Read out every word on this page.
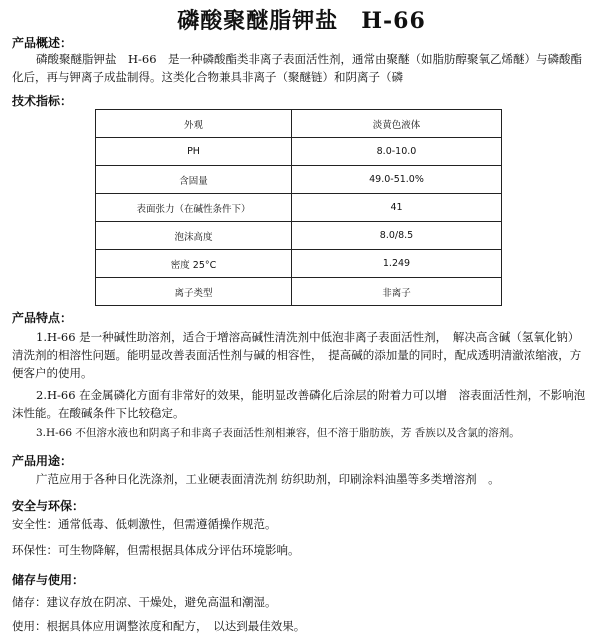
磷酸聚醚脂钾盐　H-66
产品概述：
磷酸聚醚脂钾盐　H-66　是一种磷酸酯类非离子表面活性剂，通常由聚醚（如脂肪醇聚氧乙烯醚）与磷酸酯化后，再与钾离子成盐制得。这类化合物兼具非离子（聚醚链）和阴离子（磷
技术指标：
外观	淡黄色液体
PH	8.0-10.0
含固量	49.0-51.0%
表面张力（在碱性条件下）	41
泡沫高度	8.0/8.5
密度 25°C	1.249
离子类型	非离子
产品特点：
1.H-66 是一种碱性助溶剂，适合于增溶高碱性清洗剂中低泡非离子表面活性剂，　解决高含碱（氢氧化钠）清洗剂的相溶性问题。能明显改善表面活性剂与碱的相容性，　提高碱的添加量的同时，配成透明清澈浓缩液，方便客户的使用。
2.H-66 在金属磷化方面有非常好的效果，能明显改善磷化后涂层的附着力可以增　溶表面活性剂，不影响泡沫性能。在酸碱条件下比较稳定。
3.H-66 不但溶水液也和阴离子和非离子表面活性剂相兼容，但不溶于脂肪族，芳 香族以及含氯的溶剂。
产品用途：
广范应用于各种日化洗涤剂，工业硬表面清洗剂 纺织助剂，印刷涂料油墨等多类增溶剂　。
安全与环保：
安全性：通常低毒、低刺激性，但需遵循操作规范。
环保性：可生物降解，但需根据具体成分评估环境影响。
储存与使用：
储存：建议存放在阴凉、干燥处，避免高温和潮湿。
使用：根据具体应用调整浓度和配方，　以达到最佳效果。
